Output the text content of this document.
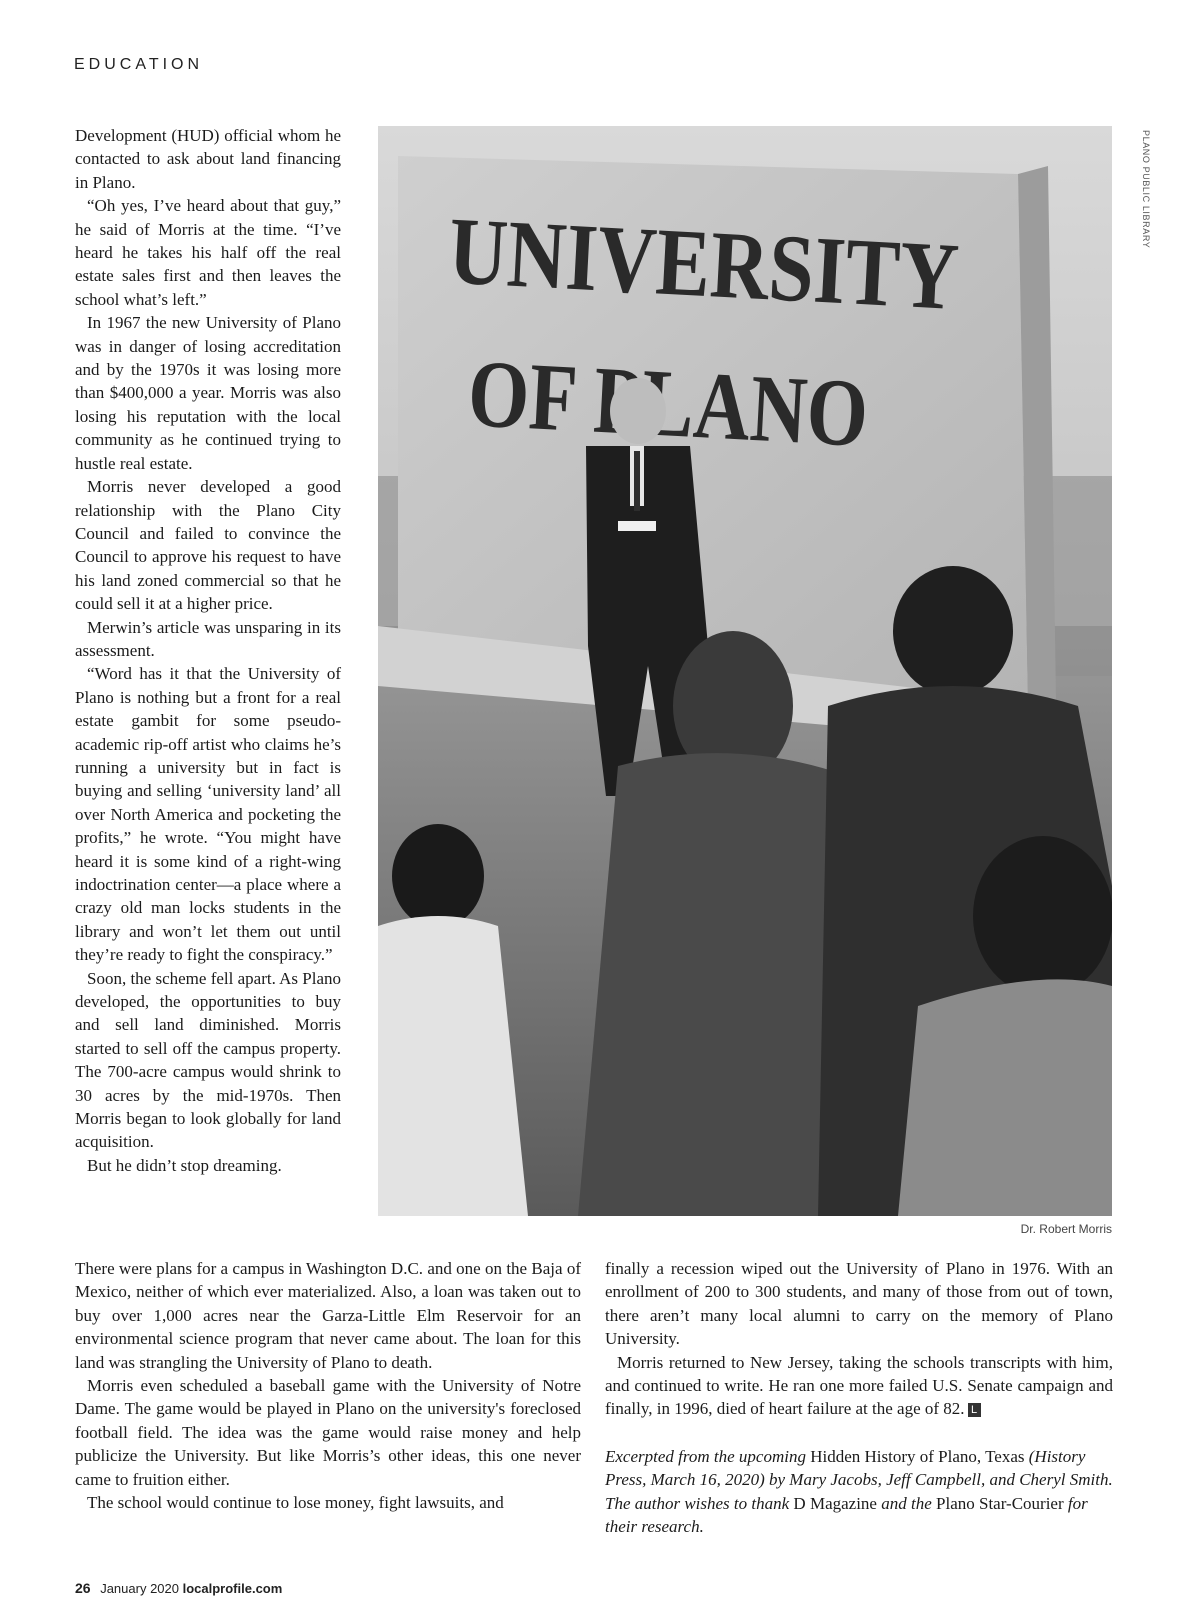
EDUCATION

Development (HUD) official whom he contacted to ask about land financing in Plano.

“Oh yes, I’ve heard about that guy,” he said of Morris at the time. “I’ve heard he takes his half off the real estate sales first and then leaves the school what’s left.”

In 1967 the new University of Plano was in danger of losing accreditation and by the 1970s it was losing more than $400,000 a year. Morris was also losing his reputation with the local community as he continued trying to hustle real estate.

Morris never developed a good relationship with the Plano City Council and failed to convince the Council to approve his request to have his land zoned commercial so that he could sell it at a higher price.

Merwin’s article was unsparing in its assessment.

“Word has it that the University of Plano is nothing but a front for a real estate gambit for some pseudo-academic rip-off artist who claims he’s running a university but in fact is buying and selling ‘university land’ all over North America and pocketing the profits,” he wrote. “You might have heard it is some kind of a right-wing indoctrination center—a place where a crazy old man locks students in the library and won’t let them out until they’re ready to fight the conspiracy.”

Soon, the scheme fell apart. As Plano developed, the opportunities to buy and sell land diminished. Morris started to sell off the campus property. The 700-acre campus would shrink to 30 acres by the mid-1970s. Then Morris began to look globally for land acquisition.

But he didn’t stop dreaming.

UNIVERSITY
OF PLANO
PLANO PUBLIC LIBRARY
Dr. Robert Morris

There were plans for a campus in Washington D.C. and one on the Baja of Mexico, neither of which ever materialized. Also, a loan was taken out to buy over 1,000 acres near the Garza-Little Elm Reservoir for an environmental science program that never came about. The loan for this land was strangling the University of Plano to death.

Morris even scheduled a baseball game with the University of Notre Dame. The game would be played in Plano on the university's foreclosed football field. The idea was the game would raise money and help publicize the University. But like Morris’s other ideas, this one never came to fruition either.

The school would continue to lose money, fight lawsuits, and

finally a recession wiped out the University of Plano in 1976. With an enrollment of 200 to 300 students, and many of those from out of town, there aren’t many local alumni to carry on the memory of Plano University.

Morris returned to New Jersey, taking the schools transcripts with him, and continued to write. He ran one more failed U.S. Senate campaign and finally, in 1996, died of heart failure at the age of 82. L

Excerpted from the upcoming Hidden History of Plano, Texas (History Press, March 16, 2020) by Mary Jacobs, Jeff Campbell, and Cheryl Smith. The author wishes to thank D Magazine and the Plano Star-Courier for their research.

26 January 2020 localprofile.com
